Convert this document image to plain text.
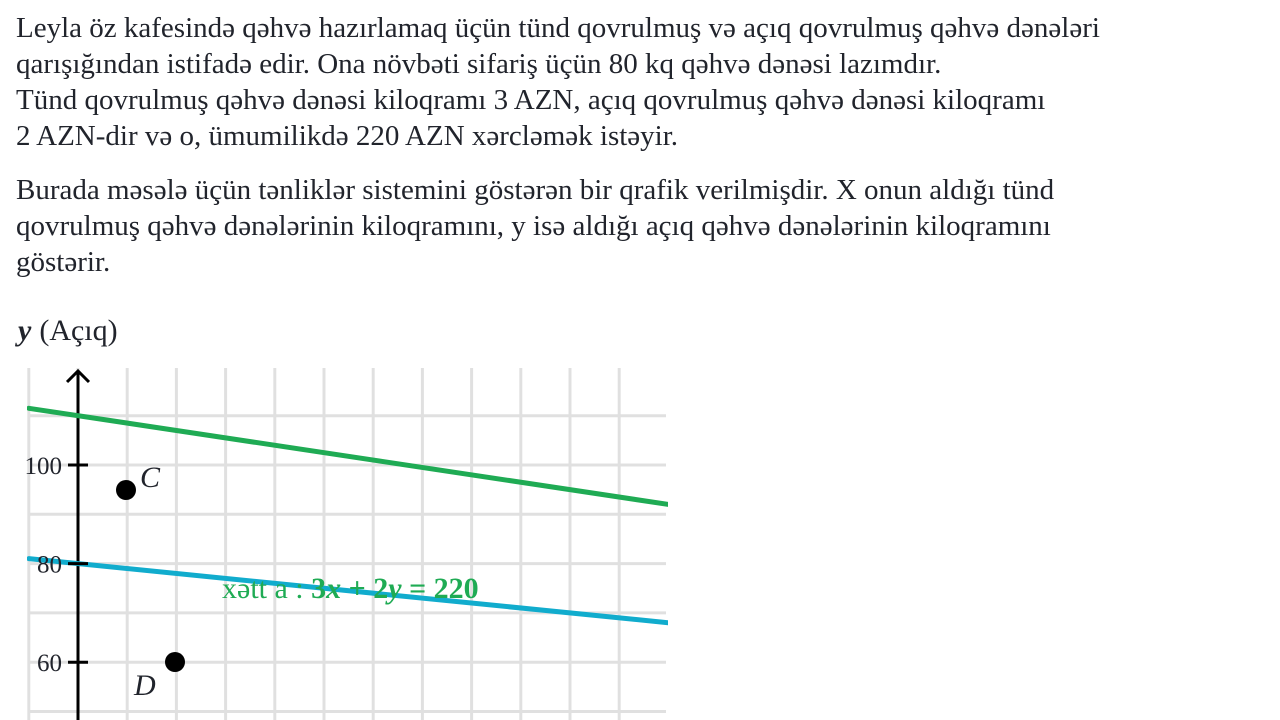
Leyla öz kafesində qəhvə hazırlamaq üçün tünd qovrulmuş və açıq qovrulmuş qəhvə dənələri
qarışığından istifadə edir. Ona növbəti sifariş üçün 80 kq qəhvə dənəsi lazımdır.
Tünd qovrulmuş qəhvə dənəsi kiloqramı 3 AZN, açıq qovrulmuş qəhvə dənəsi kiloqramı
2 AZN-dir və o, ümumilikdə 220 AZN xərcləmək istəyir.
Burada məsələ üçün tənliklər sistemini göstərən bir qrafik verilmişdir. X onun aldığı tünd
qovrulmuş qəhvə dənələrinin kiloqramını, y isə aldığı açıq qəhvə dənələrinin kiloqramını
göstərir.
y (Açıq)
100
80
60
C
D
xətt a : 3x + 2y = 220
